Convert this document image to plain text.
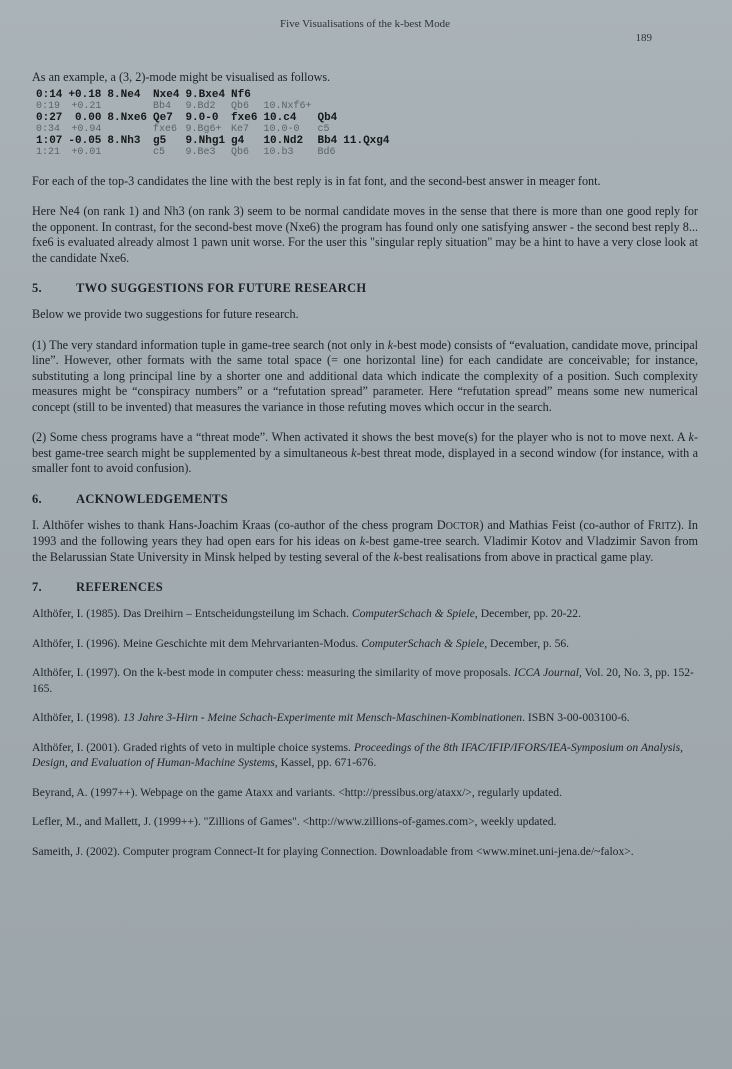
Five Visualisations of the k-best Mode
189

As an example, a (3, 2)-mode might be visualised as follows.

0:14	+0.18	8.Ne4	Nxe4	9.Bxe4	Nf6			
0:19	+0.21		Bb4	9.Bd2	Qb6	10.Nxf6+		
0:27	0.00	8.Nxe6	Qe7	9.0-0	fxe6	10.c4	Qb4	
0:34	+0.94		fxe6	9.Bg6+	Ke7	10.0-0	c5	
1:07	-0.05	8.Nh3	g5	9.Nhg1	g4	10.Nd2	Bb4	11.Qxg4
1:21	+0.01		c5	9.Be3	Qb6	10.b3	Bd6	

For each of the top-3 candidates the line with the best reply is in fat font, and the second-best answer in meager font.

Here Ne4 (on rank 1) and Nh3 (on rank 3) seem to be normal candidate moves in the sense that there is more than one good reply for the opponent. In contrast, for the second-best move (Nxe6) the program has found only one satisfying answer - the second best reply 8... fxe6 is evaluated already almost 1 pawn unit worse. For the user this "singular reply situation" may be a hint to have a very close look at the candidate Nxe6.

5.	TWO SUGGESTIONS FOR FUTURE RESEARCH

Below we provide two suggestions for future research.

(1) The very standard information tuple in game-tree search (not only in k-best mode) consists of “evaluation, candidate move, principal line”. However, other formats with the same total space (= one horizontal line) for each candidate are conceivable; for instance, substituting a long principal line by a shorter one and additional data which indicate the complexity of a position. Such complexity measures might be “conspiracy numbers” or a “refutation spread” parameter. Here “refutation spread” means some new numerical concept (still to be invented) that measures the variance in those refuting moves which occur in the search.

(2) Some chess programs have a “threat mode”. When activated it shows the best move(s) for the player who is not to move next. A k-best game-tree search might be supplemented by a simultaneous k-best threat mode, displayed in a second window (for instance, with a smaller font to avoid confusion).

6.	ACKNOWLEDGEMENTS

I. Althöfer wishes to thank Hans-Joachim Kraas (co-author of the chess program DOCTOR) and Mathias Feist (co-author of FRITZ). In 1993 and the following years they had open ears for his ideas on k-best game-tree search. Vladimir Kotov and Vladzimir Savon from the Belarussian State University in Minsk helped by testing several of the k-best realisations from above in practical game play.

7.	REFERENCES

Althöfer, I. (1985). Das Dreihirn – Entscheidungsteilung im Schach. ComputerSchach & Spiele, December, pp. 20-22.

Althöfer, I. (1996). Meine Geschichte mit dem Mehrvarianten-Modus. ComputerSchach & Spiele, December, p. 56.

Althöfer, I. (1997). On the k-best mode in computer chess: measuring the similarity of move proposals. ICCA Journal, Vol. 20, No. 3, pp. 152-165.

Althöfer, I. (1998). 13 Jahre 3-Hirn - Meine Schach-Experimente mit Mensch-Maschinen-Kombinationen. ISBN 3-00-003100-6.

Althöfer, I. (2001). Graded rights of veto in multiple choice systems. Proceedings of the 8th IFAC/IFIP/IFORS/IEA-Symposium on Analysis, Design, and Evaluation of Human-Machine Systems, Kassel, pp. 671-676.

Beyrand, A. (1997++). Webpage on the game Ataxx and variants. <http://pressibus.org/ataxx/>, regularly updated.

Lefler, M., and Mallett, J. (1999++). "Zillions of Games". <http://www.zillions-of-games.com>, weekly updated.

Sameith, J. (2002). Computer program Connect-It for playing Connection. Downloadable from <www.minet.uni-jena.de/~falox>.
